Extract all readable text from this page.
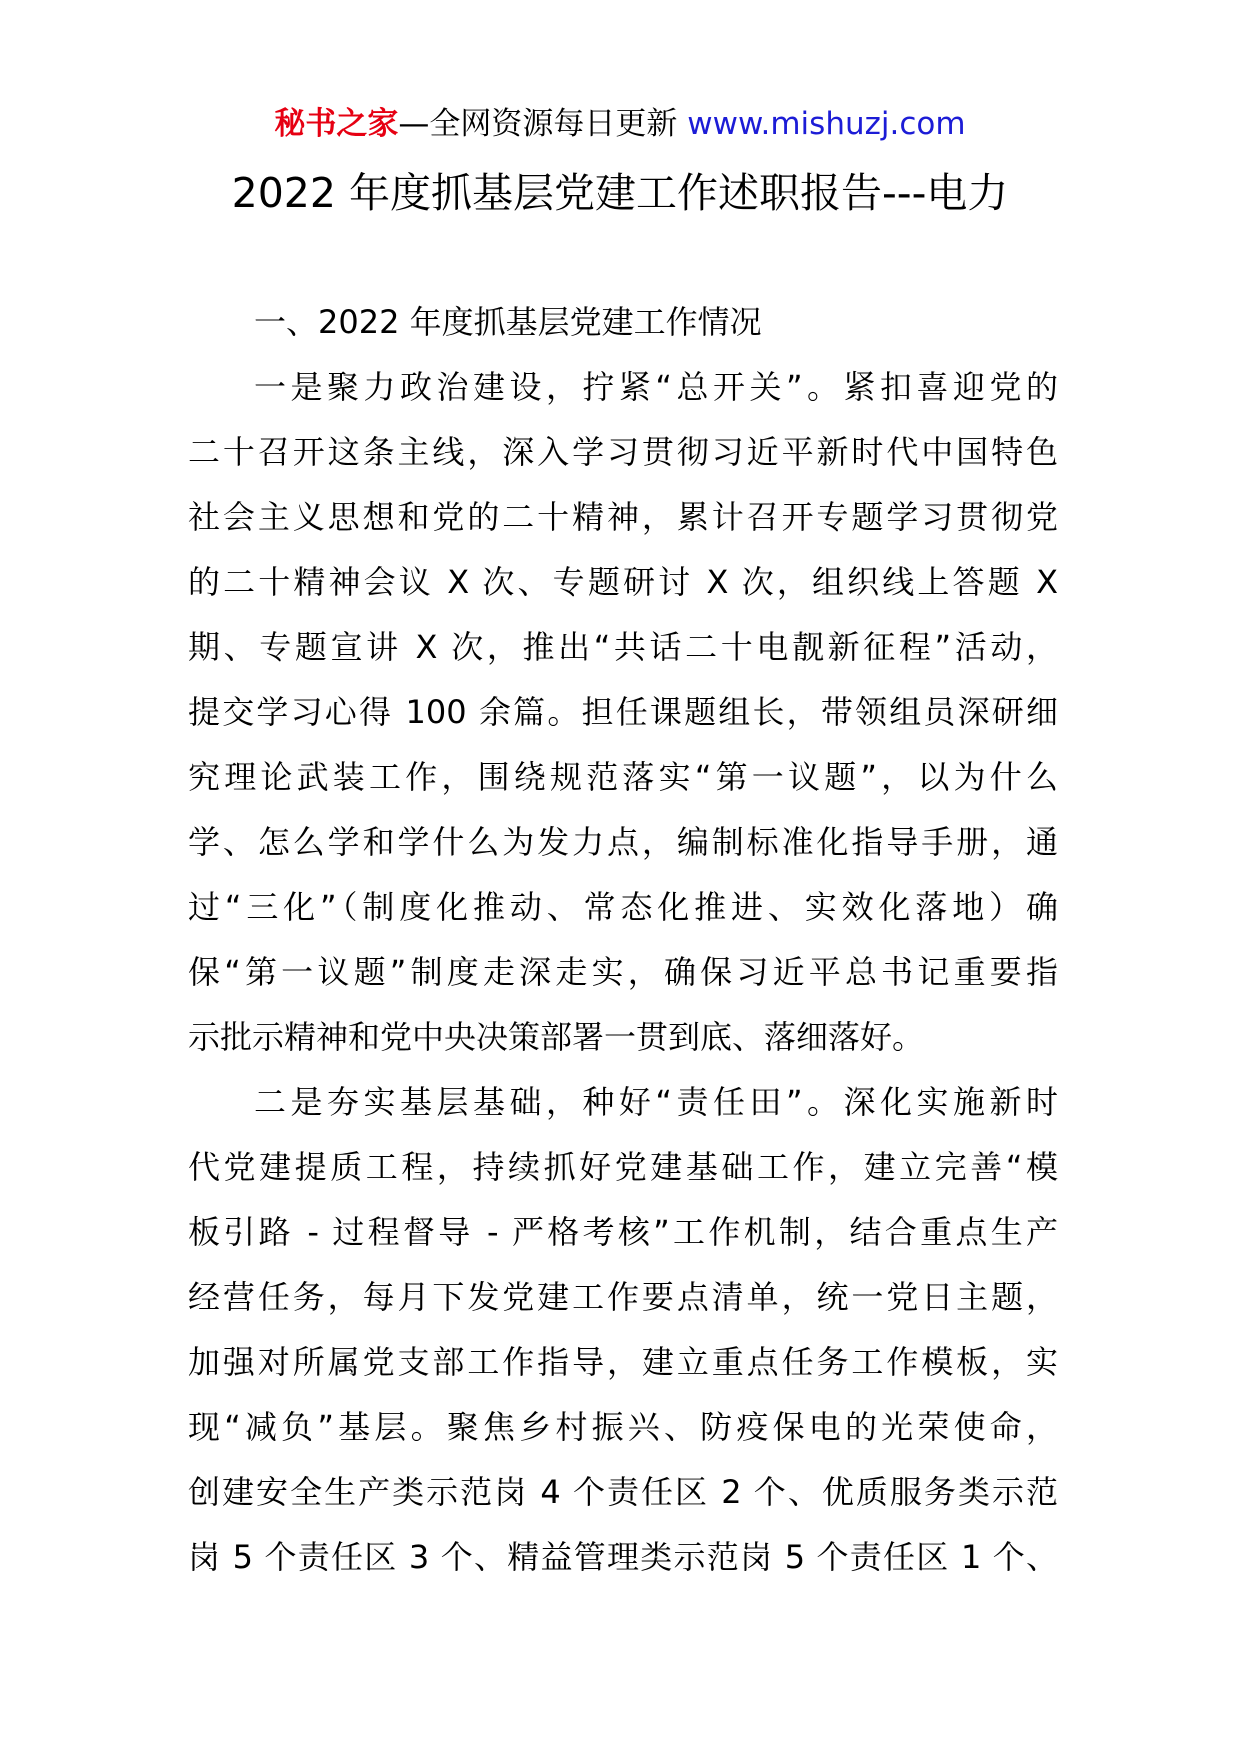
秘书之家—全网资源每日更新 www.mishuzj.com
2022 年度抓基层党建工作述职报告---电力
一、2022 年度抓基层党建工作情况
一是聚力政治建设，拧紧“总开关”。紧扣喜迎党的
二十召开这条主线，深入学习贯彻习近平新时代中国特色
社会主义思想和党的二十精神，累计召开专题学习贯彻党
的二十精神会议 X 次、专题研讨 X 次，组织线上答题 X
期、专题宣讲 X 次，推出“共话二十电靓新征程”活动，
提交学习心得 100 余篇。担任课题组长，带领组员深研细
究理论武装工作，围绕规范落实“第一议题”，以为什么
学、怎么学和学什么为发力点，编制标准化指导手册，通
过“三化”（制度化推动、常态化推进、实效化落地）确
保“第一议题”制度走深走实，确保习近平总书记重要指
示批示精神和党中央决策部署一贯到底、落细落好。
二是夯实基层基础，种好“责任田”。深化实施新时
代党建提质工程，持续抓好党建基础工作，建立完善“模
板引路 - 过程督导 - 严格考核”工作机制，结合重点生产
经营任务，每月下发党建工作要点清单，统一党日主题，
加强对所属党支部工作指导，建立重点任务工作模板，实
现“减负”基层。聚焦乡村振兴、防疫保电的光荣使命，
创建安全生产类示范岗 4 个责任区 2 个、优质服务类示范
岗 5 个责任区 3 个、精益管理类示范岗 5 个责任区 1 个、
